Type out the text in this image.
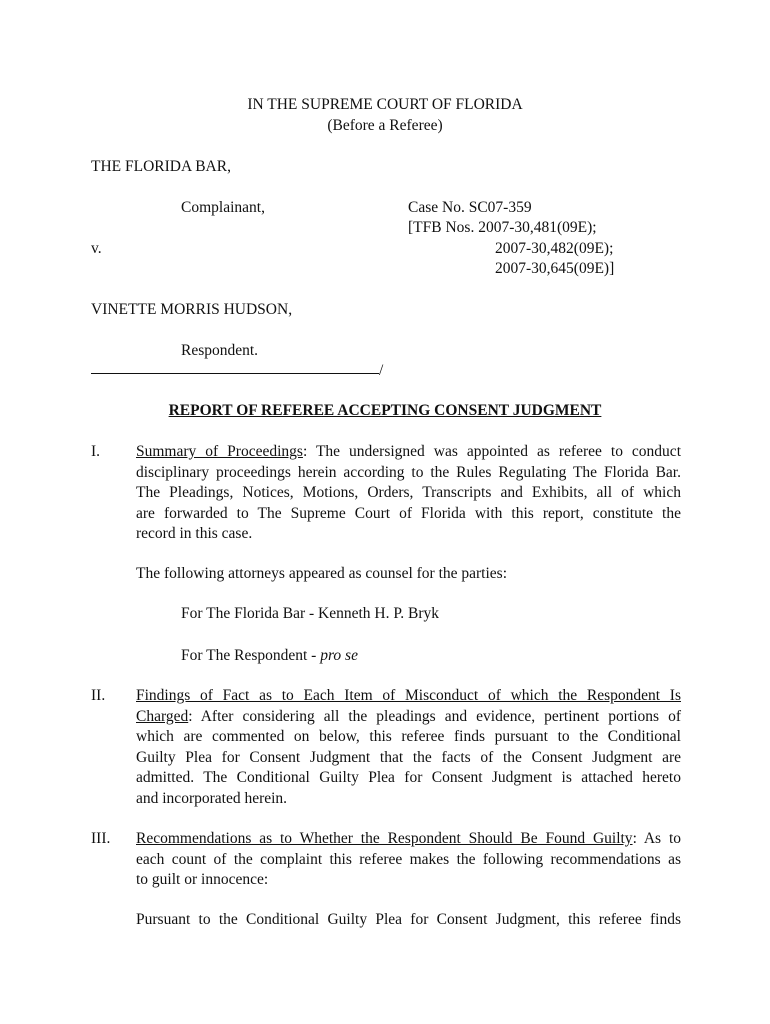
IN THE SUPREME COURT OF FLORIDA
(Before a Referee)
THE FLORIDA BAR,
Complainant,	Case No. SC07-359
[TFB Nos. 2007-30,481(09E);
v.	2007-30,482(09E);
2007-30,645(09E)]
VINETTE MORRIS HUDSON,
Respondent.
/
REPORT OF REFEREE ACCEPTING CONSENT JUDGMENT
I. Summary of Proceedings: The undersigned was appointed as referee to conduct
disciplinary proceedings herein according to the Rules Regulating The Florida Bar.
The Pleadings, Notices, Motions, Orders, Transcripts and Exhibits, all of which
are forwarded to The Supreme Court of Florida with this report, constitute the
record in this case.
The following attorneys appeared as counsel for the parties:
For The Florida Bar - Kenneth H. P. Bryk
For The Respondent - pro se
II. Findings of Fact as to Each Item of Misconduct of which the Respondent Is
Charged: After considering all the pleadings and evidence, pertinent portions of
which are commented on below, this referee finds pursuant to the Conditional
Guilty Plea for Consent Judgment that the facts of the Consent Judgment are
admitted. The Conditional Guilty Plea for Consent Judgment is attached hereto
and incorporated herein.
III. Recommendations as to Whether the Respondent Should Be Found Guilty: As to
each count of the complaint this referee makes the following recommendations as
to guilt or innocence:
Pursuant to the Conditional Guilty Plea for Consent Judgment, this referee finds
